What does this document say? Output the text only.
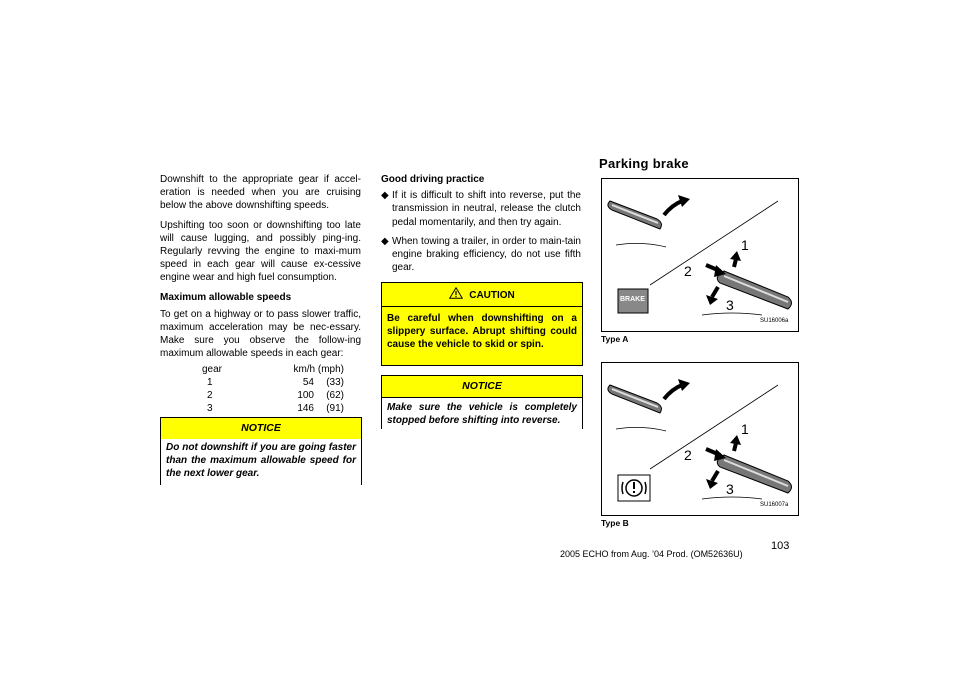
Downshift to the appropriate gear if accel-eration is needed when you are cruising below the above downshifting speeds.

Upshifting too soon or downshifting too late will cause lugging, and possibly ping-ing. Regularly revving the engine to maxi-mum speed in each gear will cause ex-cessive engine wear and high fuel consumption.

Maximum allowable speeds

To get on a highway or to pass slower traffic, maximum acceleration may be nec-essary. Make sure you observe the follow-ing maximum allowable speeds in each gear:

gear	km/h (mph)	
1	54	(33)
2	100	(62)
3	146	(91)
NOTICE
Do not downshift if you are going faster than the maximum allowable speed for the next lower gear.

Good driving practice

◆ If it is difficult to shift into reverse, put the transmission in neutral, release the clutch pedal momentarily, and then try again.
◆ When towing a trailer, in order to main-tain engine braking efficiency, do not use fifth gear.
CAUTION
Be careful when downshifting on a slippery surface. Abrupt shifting could cause the vehicle to skid or spin.
NOTICE
Make sure the vehicle is completely stopped before shifting into reverse.
Parking brake
1
2
3
BRAKE
SU16006a
Type A
1
2
3
SU16007a
Type B
2005 ECHO from Aug. ’04 Prod. (OM52636U)
103
